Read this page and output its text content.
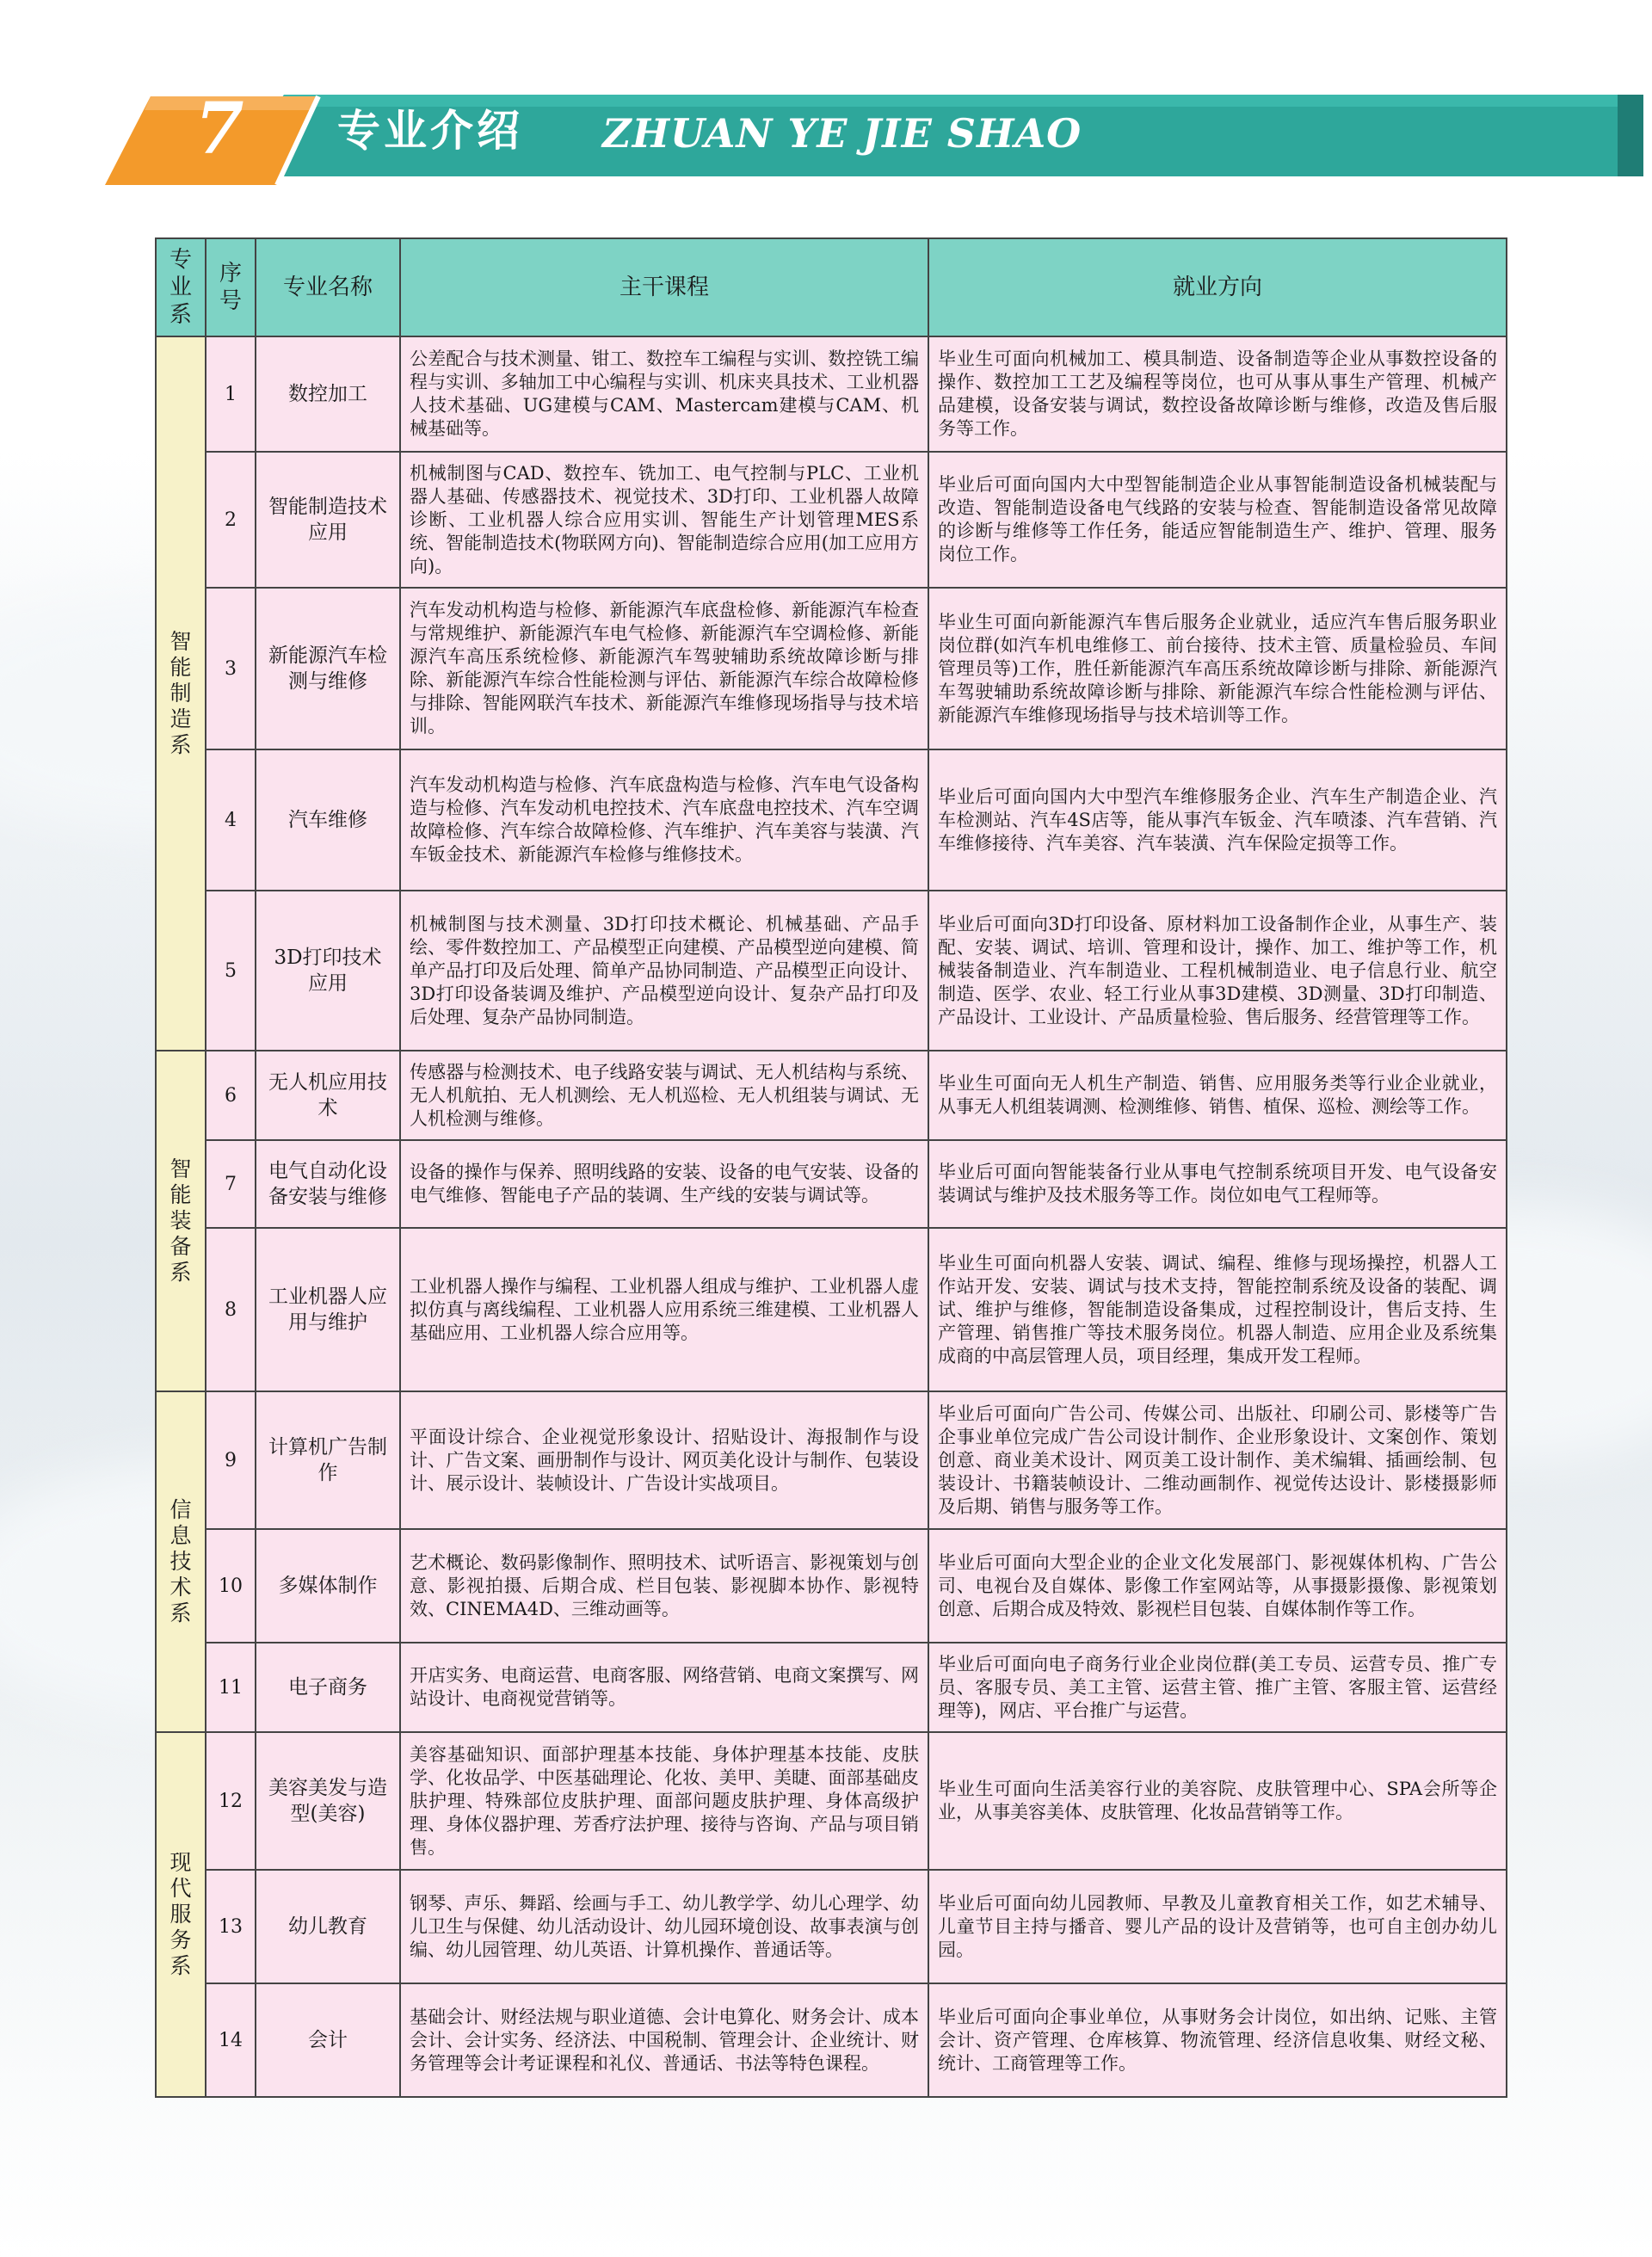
7	专业介绍 ZHUAN YE JIE SHAO
专业系	序号	专业名称	主干课程	就业方向
智能制造系	1	数控加工	公差配合与技术测量、钳工、数控车工编程与实训、数控铣工编程与实训、多轴加工中心编程与实训、机床夹具技术、工业机器人技术基础、UG建模与CAM、Mastercam建模与CAM、机械基础等。	毕业生可面向机械加工、模具制造、设备制造等企业从事数控设备的操作、数控加工工艺及编程等岗位，也可从事从事生产管理、机械产品建模，设备安装与调试，数控设备故障诊断与维修，改造及售后服务等工作。
	2	智能制造技术应用	机械制图与CAD、数控车、铣加工、电气控制与PLC、工业机器人基础、传感器技术、视觉技术、3D打印、工业机器人故障诊断、工业机器人综合应用实训、智能生产计划管理MES系统、智能制造技术(物联网方向)、智能制造综合应用(加工应用方向)。	毕业后可面向国内大中型智能制造企业从事智能制造设备机械装配与改造、智能制造设备电气线路的安装与检查、智能制造设备常见故障的诊断与维修等工作任务，能适应智能制造生产、维护、管理、服务岗位工作。
	3	新能源汽车检测与维修	汽车发动机构造与检修、新能源汽车底盘检修、新能源汽车检查与常规维护、新能源汽车电气检修、新能源汽车空调检修、新能源汽车高压系统检修、新能源汽车驾驶辅助系统故障诊断与排除、新能源汽车综合性能检测与评估、新能源汽车综合故障检修与排除、智能网联汽车技术、新能源汽车维修现场指导与技术培训。	毕业生可面向新能源汽车售后服务企业就业，适应汽车售后服务职业岗位群(如汽车机电维修工、前台接待、技术主管、质量检验员、车间管理员等)工作，胜任新能源汽车高压系统故障诊断与排除、新能源汽车驾驶辅助系统故障诊断与排除、新能源汽车综合性能检测与评估、新能源汽车维修现场指导与技术培训等工作。
	4	汽车维修	汽车发动机构造与检修、汽车底盘构造与检修、汽车电气设备构造与检修、汽车发动机电控技术、汽车底盘电控技术、汽车空调故障检修、汽车综合故障检修、汽车维护、汽车美容与装潢、汽车钣金技术、新能源汽车检修与维修技术。	毕业后可面向国内大中型汽车维修服务企业、汽车生产制造企业、汽车检测站、汽车4S店等，能从事汽车钣金、汽车喷漆、汽车营销、汽车维修接待、汽车美容、汽车装潢、汽车保险定损等工作。
	5	3D打印技术应用	机械制图与技术测量、3D打印技术概论、机械基础、产品手绘、零件数控加工、产品模型正向建模、产品模型逆向建模、简单产品打印及后处理、简单产品协同制造、产品模型正向设计、3D打印设备装调及维护、产品模型逆向设计、复杂产品打印及后处理、复杂产品协同制造。	毕业后可面向3D打印设备、原材料加工设备制作企业，从事生产、装配、安装、调试、培训、管理和设计，操作、加工、维护等工作，机械装备制造业、汽车制造业、工程机械制造业、电子信息行业、航空制造、医学、农业、轻工行业从事3D建模、3D测量、3D打印制造、产品设计、工业设计、产品质量检验、售后服务、经营管理等工作。
智能装备系	6	无人机应用技术	传感器与检测技术、电子线路安装与调试、无人机结构与系统、无人机航拍、无人机测绘、无人机巡检、无人机组装与调试、无人机检测与维修。	毕业生可面向无人机生产制造、销售、应用服务类等行业企业就业，从事无人机组装调测、检测维修、销售、植保、巡检、测绘等工作。
	7	电气自动化设备安装与维修	设备的操作与保养、照明线路的安装、设备的电气安装、设备的电气维修、智能电子产品的装调、生产线的安装与调试等。	毕业后可面向智能装备行业从事电气控制系统项目开发、电气设备安装调试与维护及技术服务等工作。岗位如电气工程师等。
	8	工业机器人应用与维护	工业机器人操作与编程、工业机器人组成与维护、工业机器人虚拟仿真与离线编程、工业机器人应用系统三维建模、工业机器人基础应用、工业机器人综合应用等。	毕业生可面向机器人安装、调试、编程、维修与现场操控，机器人工作站开发、安装、调试与技术支持，智能控制系统及设备的装配、调试、维护与维修，智能制造设备集成，过程控制设计，售后支持、生产管理、销售推广等技术服务岗位。机器人制造、应用企业及系统集成商的中高层管理人员，项目经理，集成开发工程师。
信息技术系	9	计算机广告制作	平面设计综合、企业视觉形象设计、招贴设计、海报制作与设计、广告文案、画册制作与设计、网页美化设计与制作、包装设计、展示设计、装帧设计、广告设计实战项目。	毕业后可面向广告公司、传媒公司、出版社、印刷公司、影楼等广告企事业单位完成广告公司设计制作、企业形象设计、文案创作、策划创意、商业美术设计、网页美工设计制作、美术编辑、插画绘制、包装设计、书籍装帧设计、二维动画制作、视觉传达设计、影楼摄影师及后期、销售与服务等工作。
	10	多媒体制作	艺术概论、数码影像制作、照明技术、试听语言、影视策划与创意、影视拍摄、后期合成、栏目包装、影视脚本协作、影视特效、CINEMA4D、三维动画等。	毕业后可面向大型企业的企业文化发展部门、影视媒体机构、广告公司、电视台及自媒体、影像工作室网站等，从事摄影摄像、影视策划创意、后期合成及特效、影视栏目包装、自媒体制作等工作。
	11	电子商务	开店实务、电商运营、电商客服、网络营销、电商文案撰写、网站设计、电商视觉营销等。	毕业后可面向电子商务行业企业岗位群(美工专员、运营专员、推广专员、客服专员、美工主管、运营主管、推广主管、客服主管、运营经理等)，网店、平台推广与运营。
现代服务系	12	美容美发与造型(美容)	美容基础知识、面部护理基本技能、身体护理基本技能、皮肤学、化妆品学、中医基础理论、化妆、美甲、美睫、面部基础皮肤护理、特殊部位皮肤护理、面部问题皮肤护理、身体高级护理、身体仪器护理、芳香疗法护理、接待与咨询、产品与项目销售。	毕业生可面向生活美容行业的美容院、皮肤管理中心、SPA会所等企业，从事美容美体、皮肤管理、化妆品营销等工作。
	13	幼儿教育	钢琴、声乐、舞蹈、绘画与手工、幼儿教学学、幼儿心理学、幼儿卫生与保健、幼儿活动设计、幼儿园环境创设、故事表演与创编、幼儿园管理、幼儿英语、计算机操作、普通话等。	毕业后可面向幼儿园教师、早教及儿童教育相关工作，如艺术辅导、儿童节目主持与播音、婴儿产品的设计及营销等，也可自主创办幼儿园。
	14	会计	基础会计、财经法规与职业道德、会计电算化、财务会计、成本会计、会计实务、经济法、中国税制、管理会计、企业统计、财务管理等会计考证课程和礼仪、普通话、书法等特色课程。	毕业后可面向企事业单位，从事财务会计岗位，如出纳、记账、主管会计、资产管理、仓库核算、物流管理、经济信息收集、财经文秘、统计、工商管理等工作。
